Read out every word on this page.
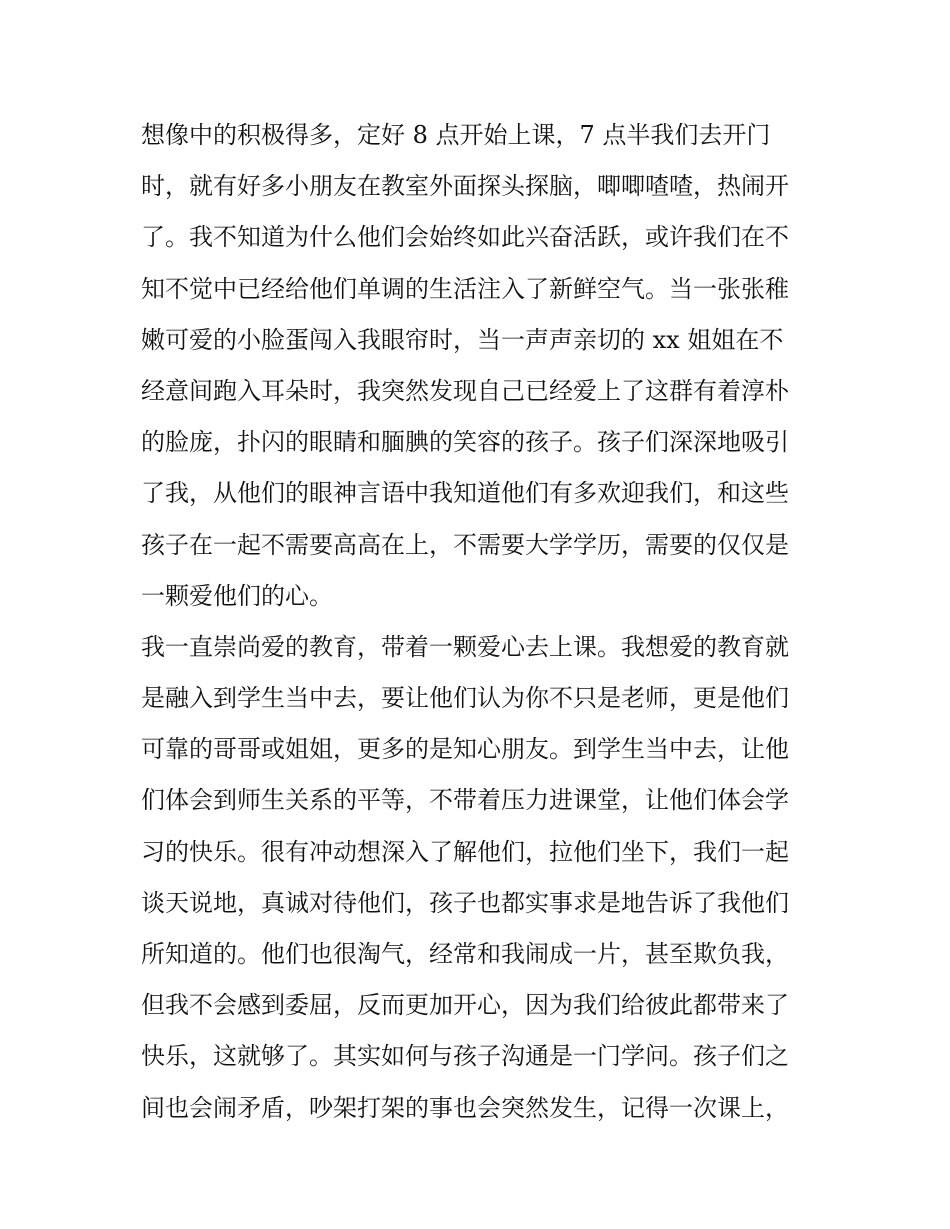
想像中的积极得多，定好 8 点开始上课，7 点半我们去开门
时，就有好多小朋友在教室外面探头探脑，唧唧喳喳，热闹开
了。我不知道为什么他们会始终如此兴奋活跃，或许我们在不
知不觉中已经给他们单调的生活注入了新鲜空气。当一张张稚
嫩可爱的小脸蛋闯入我眼帘时，当一声声亲切的 xx 姐姐在不
经意间跑入耳朵时，我突然发现自己已经爱上了这群有着淳朴
的脸庞，扑闪的眼睛和腼腆的笑容的孩子。孩子们深深地吸引
了我，从他们的眼神言语中我知道他们有多欢迎我们，和这些
孩子在一起不需要高高在上，不需要大学学历，需要的仅仅是
一颗爱他们的心。
我一直崇尚爱的教育，带着一颗爱心去上课。我想爱的教育就
是融入到学生当中去，要让他们认为你不只是老师，更是他们
可靠的哥哥或姐姐，更多的是知心朋友。到学生当中去，让他
们体会到师生关系的平等，不带着压力进课堂，让他们体会学
习的快乐。很有冲动想深入了解他们，拉他们坐下，我们一起
谈天说地，真诚对待他们，孩子也都实事求是地告诉了我他们
所知道的。他们也很淘气，经常和我闹成一片，甚至欺负我，
但我不会感到委屈，反而更加开心，因为我们给彼此都带来了
快乐，这就够了。其实如何与孩子沟通是一门学问。孩子们之
间也会闹矛盾，吵架打架的事也会突然发生，记得一次课上，
